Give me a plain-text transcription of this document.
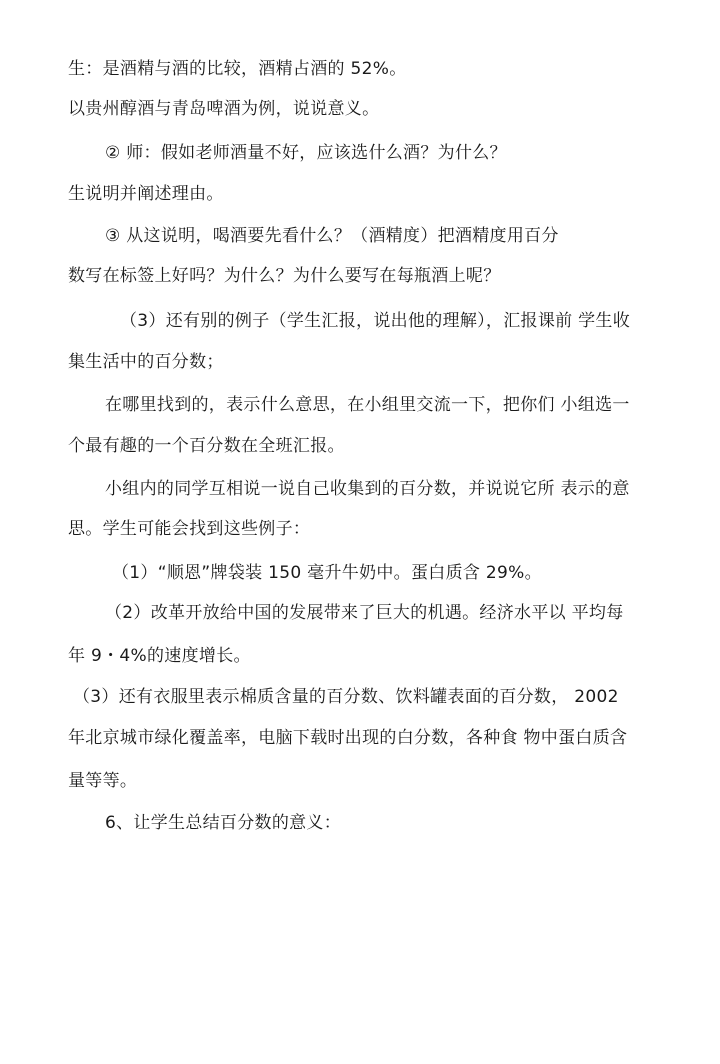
生：是酒精与酒的比较，酒精占酒的 52%。
以贵州醇酒与青岛啤酒为例，说说意义。
② 师：假如老师酒量不好，应该选什么酒？为什么？
生说明并阐述理由。
③ 从这说明，喝酒要先看什么？（酒精度）把酒精度用百分
数写在标签上好吗？为什么？为什么要写在每瓶酒上呢？
（3）还有别的例子（学生汇报，说出他的理解），汇报课前 学生收
集生活中的百分数；
在哪里找到的，表示什么意思，在小组里交流一下，把你们 小组选一
个最有趣的一个百分数在全班汇报。
小组内的同学互相说一说自己收集到的百分数，并说说它所 表示的意
思。学生可能会找到这些例子：
（1）“顺恩”牌袋装 150 毫升牛奶中。蛋白质含 29%。
（2）改革开放给中国的发展带来了巨大的机遇。经济水平以 平均每
年 9・4%的速度增长。
（3）还有衣服里表示棉质含量的百分数、饮料罐表面的百分数， 2002
年北京城市绿化覆盖率，电脑下载时出现的白分数，各种食 物中蛋白质含
量等等。
6、让学生总结百分数的意义：
